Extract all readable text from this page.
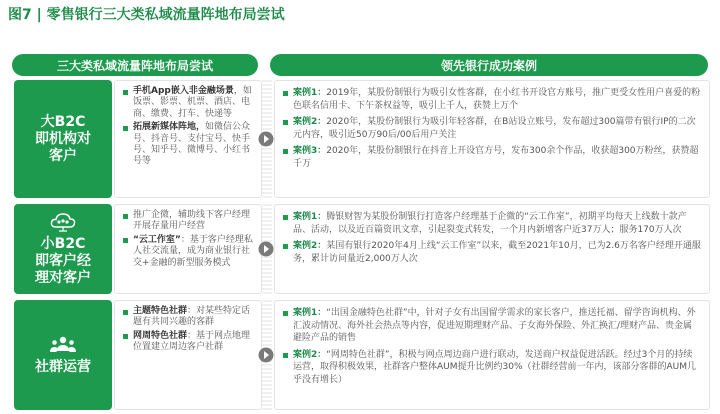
图7 | 零售银行三大类私域流量阵地布局尝试
三大类私域流量阵地布局尝试	领先银行成功案例
大B2C
即机构对
客户
手机App嵌入非金融场景，如饭票、影票、机票、酒店、电商、缴费、打车、快递等
拓展新媒体阵地，如微信公众号、抖音号、支付宝号、快手号、知乎号、微博号、小红书号等
案例1：2019年，某股份制银行为吸引女性客群，在小红书开设官方账号，推广更受女性用户喜爱的粉色联名信用卡、下午茶权益等，吸引上千人，获赞上万个
案例2：2020年，某股份制银行为吸引年轻客群，在B站设立账号，发布超过300篇带有银行IP的二次元内容，吸引近50万90后/00后用户关注
案例3：2020年，某股份制银行在抖音上开设官方号，发布300余个作品，收获超300万粉丝，获赞超千万
小B2C
即客户经
理对客户
推广企微，辅助线下客户经理开展存量用户经营
“云工作室”：基于客户经理私人社交流量，成为商业银行社交+金融的新型服务模式
案例1：腾银财智为某股份制银行打造客户经理基于企微的“云工作室”，初期平均每天上线数十款产品、活动，以及近百篇资讯文章，引起裂变式转发，一个月内新增客户近37万人；服务170万人次
案例2：某国有银行2020年4月上线“云工作室”以来，截至2021年10月，已为2.6万名客户经理开通服务，累计访问量近2,000万人次
社群运营
主题特色社群：对某些特定话题有共同兴趣的客群
网周特色社群：基于网点地理位置建立周边客户社群
案例1：“出国金融特色社群”中，针对子女有出国留学需求的家长客户，推送托福、留学咨询机构、外汇波动情况、海外社会热点等内容，促进短期理财产品、子女海外保险、外汇换汇/理财产品、贵金属避险产品的销售
案例2：“网周特色社群”，积极与网点周边商户进行联动，发送商户权益促进活跃。经过3个月的持续运营，取得积极效果，社群客户整体AUM提升比例约30%（社群经营前一年内，该部分客群的AUM几乎没有增长）
